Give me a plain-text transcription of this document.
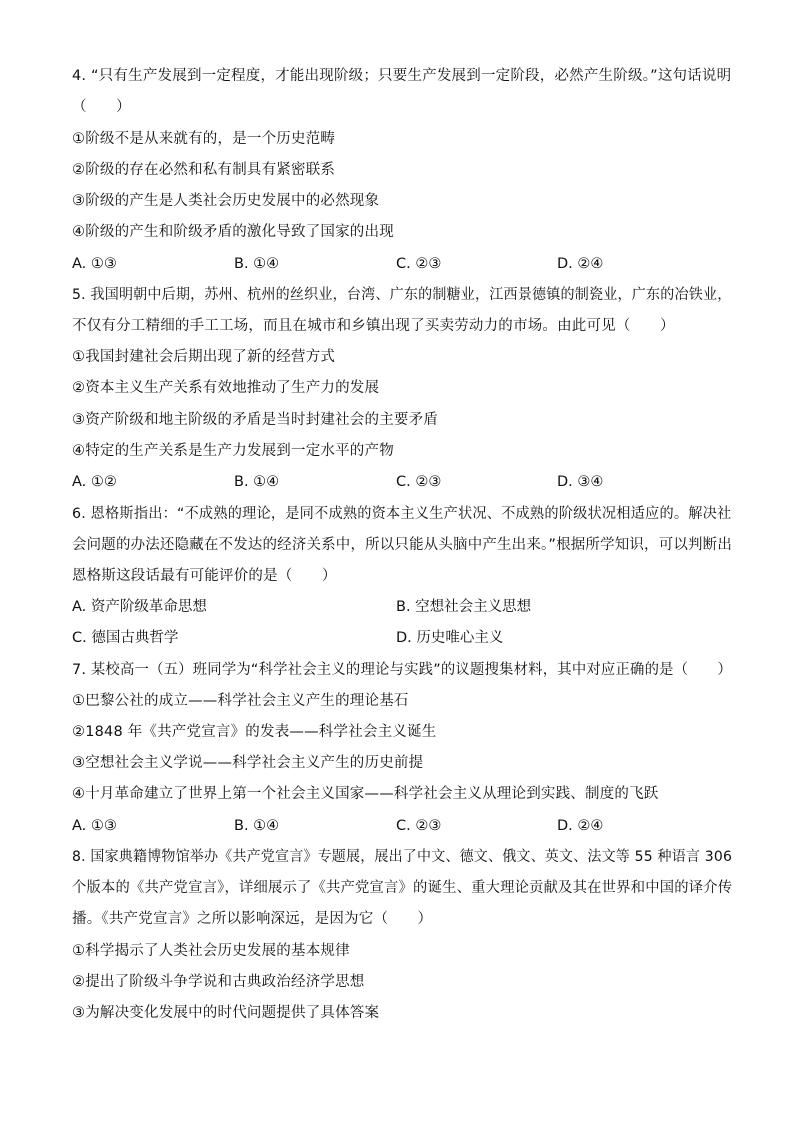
4. “只有生产发展到一定程度，才能出现阶级；只要生产发展到一定阶段，必然产生阶级。”这句话说明
（　　）
①阶级不是从来就有的，是一个历史范畴
②阶级的存在必然和私有制具有紧密联系
③阶级的产生是人类社会历史发展中的必然现象
④阶级的产生和阶级矛盾的激化导致了国家的出现
A. ①③	B. ①④	C. ②③	D. ②④
5. 我国明朝中后期，苏州、杭州的丝织业，台湾、广东的制糖业，江西景德镇的制瓷业，广东的冶铁业，
不仅有分工精细的手工工场，而且在城市和乡镇出现了买卖劳动力的市场。由此可见（　　）
①我国封建社会后期出现了新的经营方式
②资本主义生产关系有效地推动了生产力的发展
③资产阶级和地主阶级的矛盾是当时封建社会的主要矛盾
④特定的生产关系是生产力发展到一定水平的产物
A. ①②	B. ①④	C. ②③	D. ③④
6. 恩格斯指出：“不成熟的理论，是同不成熟的资本主义生产状况、不成熟的阶级状况相适应的。解决社
会问题的办法还隐藏在不发达的经济关系中，所以只能从头脑中产生出来。”根据所学知识，可以判断出
恩格斯这段话最有可能评价的是（　　）
A. 资产阶级革命思想	B. 空想社会主义思想
C. 德国古典哲学	D. 历史唯心主义
7. 某校高一（五）班同学为“科学社会主义的理论与实践”的议题搜集材料，其中对应正确的是（　　）
①巴黎公社的成立——科学社会主义产生的理论基石
②1848 年《共产党宣言》的发表——科学社会主义诞生
③空想社会主义学说——科学社会主义产生的历史前提
④十月革命建立了世界上第一个社会主义国家——科学社会主义从理论到实践、制度的飞跃
A. ①③	B. ①④	C. ②③	D. ②④
8. 国家典籍博物馆举办《共产党宣言》专题展，展出了中文、德文、俄文、英文、法文等 55 种语言 306
个版本的《共产党宣言》，详细展示了《共产党宣言》的诞生、重大理论贡献及其在世界和中国的译介传
播。《共产党宣言》之所以影响深远，是因为它（　　）
①科学揭示了人类社会历史发展的基本规律
②提出了阶级斗争学说和古典政治经济学思想
③为解决变化发展中的时代问题提供了具体答案
